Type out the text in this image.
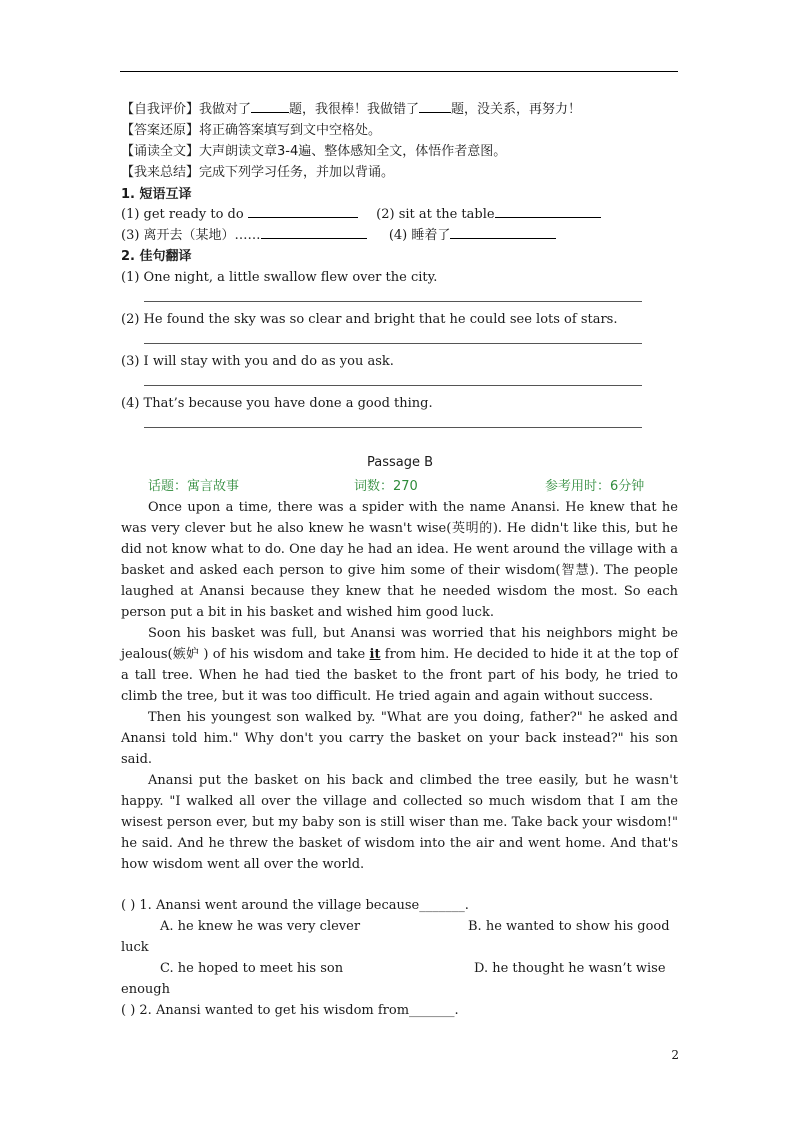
【自我评价】我做对了	题，我很棒！我做错了 题，没关系，再努力！
【答案还原】将正确答案填写到文中空格处。
【诵读全文】大声朗读文章3-4遍、整体感知全文，体悟作者意图。
【我来总结】完成下列学习任务，并加以背诵。
1. 短语互译
(1) get ready to do	(2) sit at the table
(3) 离开去（某地）……	(4) 睡着了
2. 佳句翻译
(1) One night, a little swallow flew over the city.
(2) He found the sky was so clear and bright that he could see lots of stars.
(3) I will stay with you and do as you ask.
(4) That’s because you have done a good thing.
Passage B
话题：寓言故事	词数：270	参考用时：6分钟

Once upon a time, there was a spider with the name Anansi. He knew that he was very clever but he also knew he wasn't wise(英明的). He didn't like this, but he did not know what to do. One day he had an idea. He went around the village with a basket and asked each person to give him some of their wisdom(智慧). The people laughed at Anansi because they knew that he needed wisdom the most. So each person put a bit in his basket and wished him good luck.

Soon his basket was full, but Anansi was worried that his neighbors might be jealous(嫉妒 ) of his wisdom and take it from him. He decided to hide it at the top of a tall tree. When he had tied the basket to the front part of his body, he tried to climb the tree, but it was too difficult. He tried again and again without success.

Then his youngest son walked by. "What are you doing, father?" he asked and Anansi told him." Why don't you carry the basket on your back instead?" his son said.

Anansi put the basket on his back and climbed the tree easily, but he wasn't happy. "I walked all over the village and collected so much wisdom that I am the wisest person ever, but my baby son is still wiser than me. Take back your wisdom!" he said. And he threw the basket of wisdom into the air and went home. And that's how wisdom went all over the world.

( ) 1. Anansi went around the village because_______.
A. he knew he was very clever	B. he wanted to show his good
luck
C. he hoped to meet his son	D. he thought he wasn’t wise
enough
( ) 2. Anansi wanted to get his wisdom from_______.
2
